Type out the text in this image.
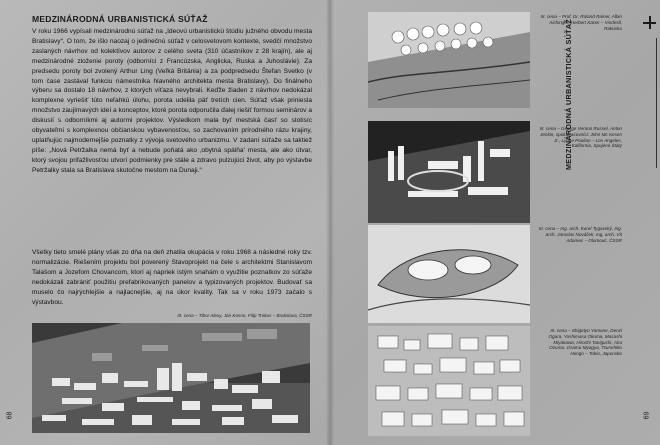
MEDZINÁRODNÁ URBANISTICKÁ SÚŤAŽ

V roku 1966 vypísali medzinárodnú súťaž na „Ideovú urbanistickú štúdiu južného obvodu mesta Bratislavy“. O tom, že išlo naozaj o jedinečnú súťaž v celosvetovom kontexte, svedčí množstvo zaslaných návrhov od kolektívov autorov z celého sveta (310 účastníkov z 28 krajín), ale aj medzinárodné zloženie poroty (odborníci z Francúzska, Anglicka, Ruska a Juhoslávie). Za predsedu poroty bol zvolený Arthur Ling (Veľká Británia) a za podpredsedu Štefan Svetko (v tom čase zastával funkciu námestníka hlavného architekta mesta Bratislavy). Do finálneho výberu sa dostalo 18 návrhov, z ktorých víťaza nevybrali. Keďže žiaden z návrhov nedokázal komplexne vyriešiť túto neľahkú úlohu, porota udelila päť tretích cien. Súťaž však priniesla množstvo zaujímavých ideí a konceptov, ktoré porota odporučila ďalej riešiť formou seminárov a diskusií s odborníkmi aj autormi projektov. Výsledkom mala byť mestská časť so stotisíc obyvateľmi s komplexnou občianskou vybavenosťou, so zachovaním prírodného rázu krajiny, uplatňujúc najmodernejšie poznatky z vývoja svetového urbanizmu. V zadaní súťaže sa taktiež píše: „Nová Petržalka nemá byť a nebude poňatá ako ‚obytná spálňa‘ mesta, ale ako útvar, ktorý svojou prifažlivosťou utvorí podmienky pre stále a zdravo pulzujúci život, aby po výstavbe Petržalky stala sa Bratislava skutočne mestom na Dunaji.“

Všetky tieto smelé plány však zo dňa na deň zhatila okupácia v roku 1968 a následné roky tzv. normalizácie. Riešením projektu bol poverený Stavoprojekt na čele s architektmi Stanislavom Talašom a Jozefom Chovancom, ktorí aj napriek istým snahám o využitie poznatkov zo súťaže nedokázali zabrániť použitiu prefabrikovaných panelov a typizovaných projektov. Budovať sa muselo čo najrýchlejšie a najlacnejšie, aj na úkor kvality. Tak sa v roku 1973 začalo s výstavbou.

III. cena – Tibor Alexy, Ján Kosnn, Filip Trnkus – Bratislava, ČSSR
68
III. cena – Prof. Dr. Roland Rainer, Albin Aichinger, Herbert Kaner – Vindesll, Rakúsko
III. cena – George Vernon Russel, Anton Jenkin, spolupracovníci: John Mc Kesen Jr., Lynne Poolian – Los Angeles, Kalifornia, Spojené Štáty
III. cena – Ing. arch. Karel Tygavský, Ing. arch. Jaroslav Nováček, Ing. arch. Vít Adamec – Olomouc, ČSSR
III. cena – Shigetyo Yamane, Denzi Ogura, Yoshimasa Okuma, Masashi Miyakawa, Hiroshi Taniguchi, Aira Ozuma, Osamu Myagya, Tsunehiko Hongo – Tokio, Japonsko
MEDZINÁRODNÁ URBANISTICKÁ SÚŤAŽ
69
